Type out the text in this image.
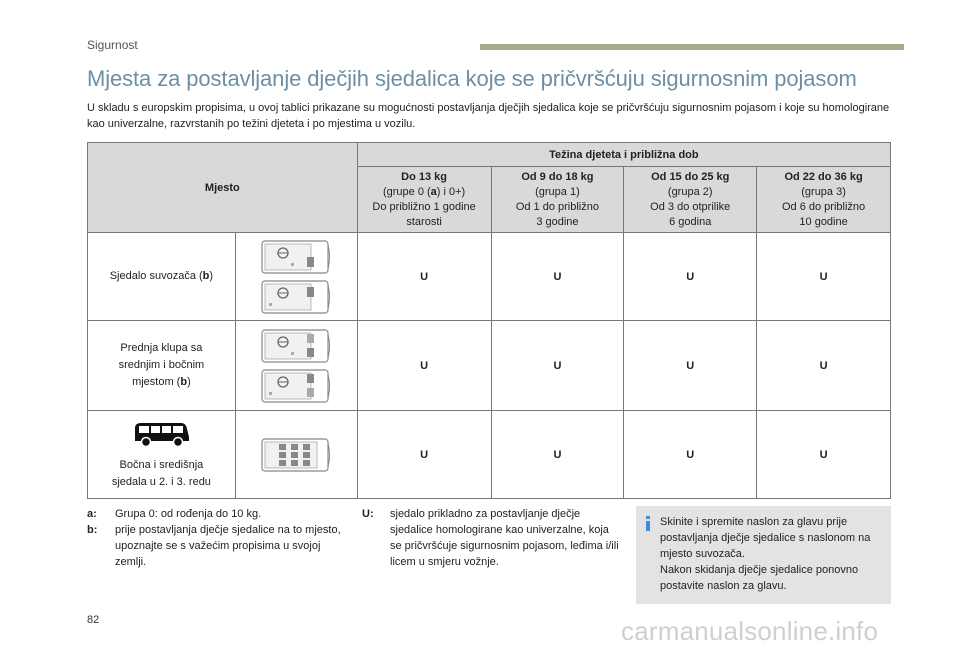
Sigurnost
Mjesta za postavljanje dječjih sjedalica koje se pričvršćuju sigurnosnim pojasom

U skladu s europskim propisima, u ovoj tablici prikazane su mogućnosti postavljanja dječjih sjedalica koje se pričvršćuju sigurnosnim pojasom i koje su homologirane kao univerzalne, razvrstanih po težini djeteta i po mjestima u vozilu.

Mjesto		Težina djeteta i približna dob			
		Do 13 kg
(grupe 0 (a) i 0+)
Do približno 1 godine
starosti	Od 9 do 18 kg
(grupa 1)
Od 1 do približno
3 godine	Od 15 do 25 kg
(grupa 2)
Od 3 do otprilike
6 godina	Od 22 do 36 kg
(grupa 3)
Od 6 do približno
10 godine
Sjedalo suvozača (b)		U	U	U	U
Prednja klupa sa
srednjim i bočnim
mjestom (b)		U	U	U	U

Bočna i središnja
sjedala u 2. i 3. redu		U	U	U	U
a:	Grupa 0: od rođenja do 10 kg.
b:	prije postavljanja dječje sjedalice na to mjesto, upoznajte se s važećim propisima u svojoj zemlji.
U:	sjedalo prikladno za postavljanje dječje sjedalice homologirane kao univerzalne, koja se pričvršćuje sigurnosnim pojasom, leđima i/ili licem u smjeru vožnje.
Skinite i spremite naslon za glavu prije postavljanja dječje sjedalice s naslonom na mjesto suvozača.
Nakon skidanja dječje sjedalice ponovno postavite naslon za glavu.
82	carmanualsonline.info
